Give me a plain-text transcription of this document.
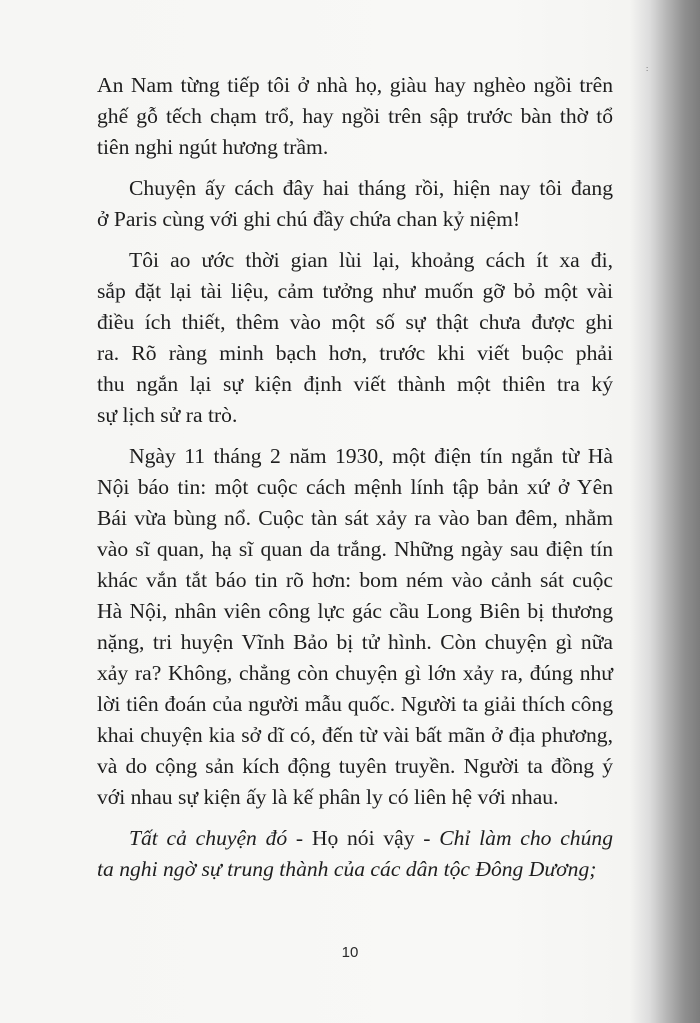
:

An Nam từng tiếp tôi ở nhà họ, giàu hay nghèo ngồi trên
ghế gỗ tếch chạm trổ, hay ngồi trên sập trước bàn thờ tổ
tiên nghi ngút hương trầm.

Chuyện ấy cách đây hai tháng rồi, hiện nay tôi đang
ở Paris cùng với ghi chú đầy chứa chan kỷ niệm!

Tôi ao ước thời gian lùi lại, khoảng cách ít xa đi,
sắp đặt lại tài liệu, cảm tưởng như muốn gỡ bỏ một vài
điều ích thiết, thêm vào một số sự thật chưa được ghi
ra. Rõ ràng minh bạch hơn, trước khi viết buộc phải
thu ngắn lại sự kiện định viết thành một thiên tra ký
sự lịch sử ra trò.

Ngày 11 tháng 2 năm 1930, một điện tín ngắn từ Hà
Nội báo tin: một cuộc cách mệnh lính tập bản xứ ở Yên
Bái vừa bùng nổ. Cuộc tàn sát xảy ra vào ban đêm, nhằm
vào sĩ quan, hạ sĩ quan da trắng. Những ngày sau điện tín
khác vắn tắt báo tin rõ hơn: bom ném vào cảnh sát cuộc
Hà Nội, nhân viên công lực gác cầu Long Biên bị thương
nặng, tri huyện Vĩnh Bảo bị tử hình. Còn chuyện gì nữa
xảy ra? Không, chẳng còn chuyện gì lớn xảy ra, đúng như
lời tiên đoán của người mẫu quốc. Người ta giải thích công
khai chuyện kia sở dĩ có, đến từ vài bất mãn ở địa phương,
và do cộng sản kích động tuyên truyền. Người ta đồng ý
với nhau sự kiện ấy là kế phân ly có liên hệ với nhau.

Tất cả chuyện đó - Họ nói vậy - Chỉ làm cho chúng
ta nghi ngờ sự trung thành của các dân tộc Đông Dương;

10
